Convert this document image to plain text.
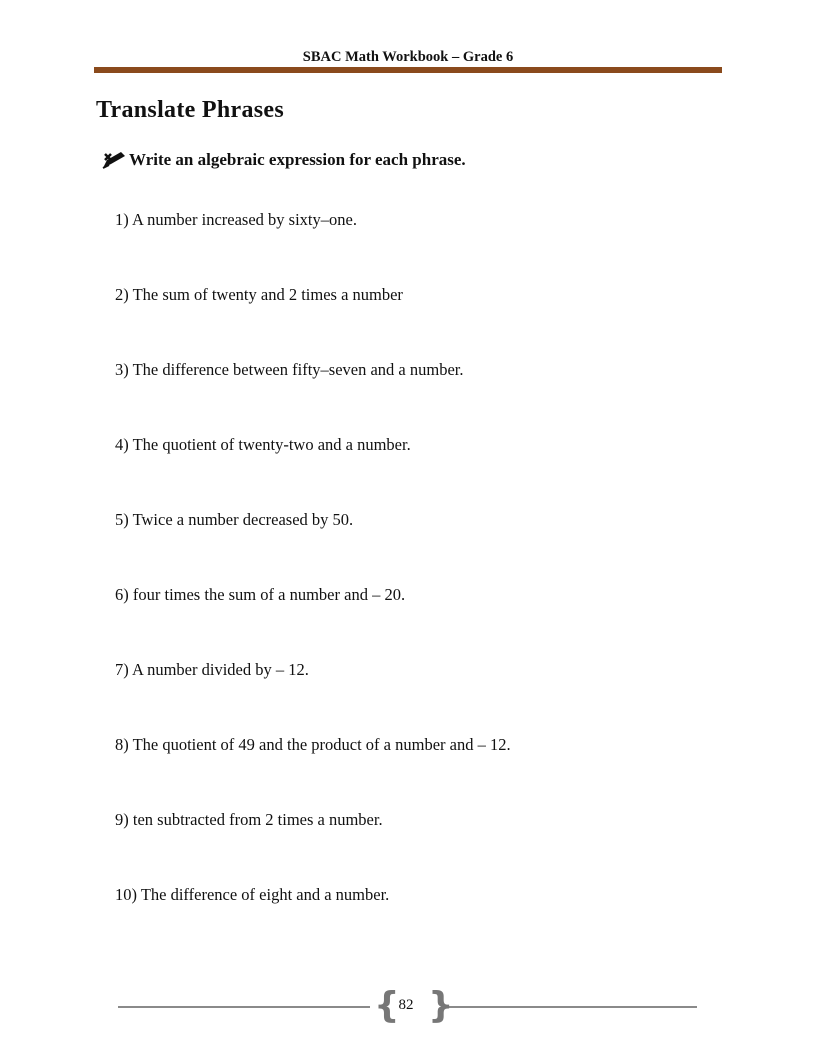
SBAC Math Workbook – Grade 6
Translate Phrases
Write an algebraic expression for each phrase.
1) A number increased by sixty–one.
2) The sum of twenty and 2 times a number
3) The difference between fifty–seven and a number.
4) The quotient of twenty-two and a number.
5) Twice a number decreased by 50.
6) four times the sum of a number and – 20.
7) A number divided by – 12.
8) The quotient of 49 and the product of a number and – 12.
9) ten subtracted from 2 times a number.
10) The difference of eight and a number.
{ }
82
